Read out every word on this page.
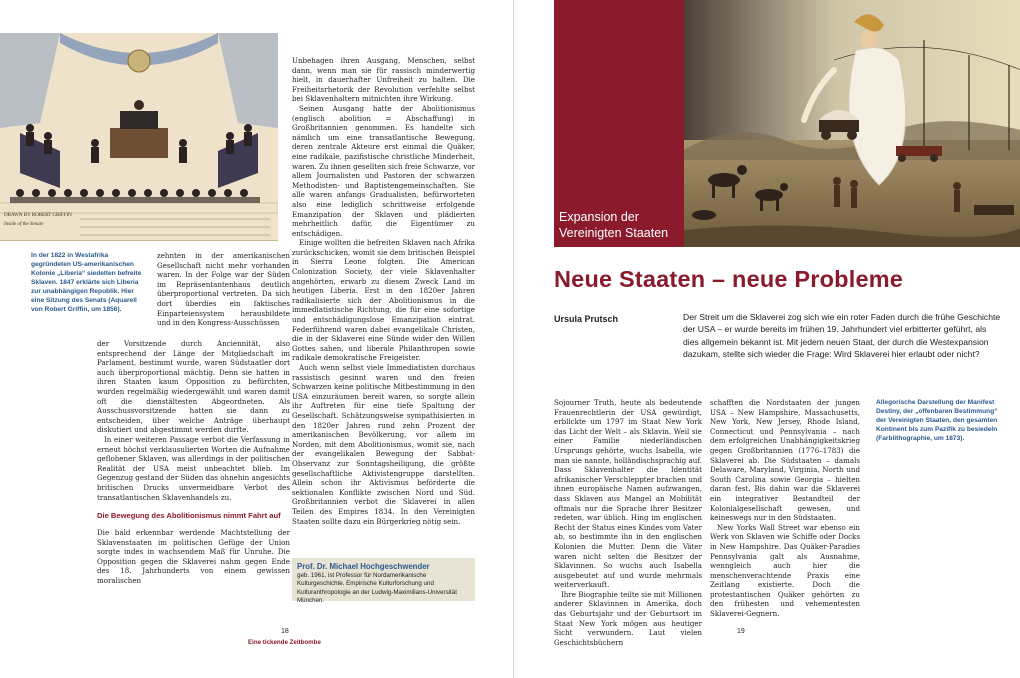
DRAWN BY ROBERT GRIFFIN
Inside of the Senate
In der 1822 in Westafrika gegründeten US-amerikanischen Kolonie „Liberia“ siedelten befreite Sklaven. 1847 erklärte sich Liberia zur unabhängigen Republik. Hier eine Sitzung des Senats (Aquarell von Robert Griffin, um 1856).

zehnten in der amerikanischen Gesellschaft nicht mehr vorhanden waren. In der Folge war der Süden im Repräsentantenhaus deutlich überproportional vertreten. Da sich dort überdies ein faktisches Einparteiensystem herausbildete und in den Kongress-Ausschüssen

der Vorsitzende durch Anciennität, also entsprechend der Länge der Mitgliedschaft im Parlament, bestimmt wurde, waren Südstaatler dort auch überproportional mächtig. Denn sie hatten in ihren Staaten kaum Opposition zu befürchten, wurden regelmäßig wiedergewählt und waren damit oft die dienstältesten Abgeordneten. Als Ausschussvorsitzende hatten sie dann zu entscheiden, über welche Anträge überhaupt diskutiert und abgestimmt werden durfte.

In einer weiteren Passage verbot die Verfassung in erneut höchst verklausulierten Worten die Aufnahme geflohener Sklaven, was allerdings in der politischen Realität der USA meist unbeachtet blieb. Im Gegenzug gestand der Süden das ohnehin angesichts britischen Drucks unvermeidbare Verbot des transatlantischen Sklavenhandels zu.

Die Bewegung des Abolitionismus nimmt Fahrt auf

Die bald erkennbar werdende Machtstellung der Sklavenstaaten im politischen Gefüge der Union sorgte indes in wachsendem Maß für Unruhe. Die Opposition gegen die Sklaverei nahm gegen Ende des 18. Jahrhunderts von einem gewissen moralischen

Unbehagen ihren Ausgang, Menschen, selbst dann, wenn man sie für rassisch minderwertig hielt, in dauerhafter Unfreiheit zu halten. Die Freiheitsrhetorik der Revolution verfehlte selbst bei Sklavenhaltern mitnichten ihre Wirkung.

Seinen Ausgang hatte der Abolitionismus (englisch abolition = Abschaffung) in Großbritannien genommen. Es handelte sich nämlich um eine transatlantische Bewegung, deren zentrale Akteure erst einmal die Quäker, eine radikale, pazifistische christliche Minderheit, waren. Zu ihnen gesellten sich freie Schwarze, vor allem Journalisten und Pastoren der schwarzen Methodisten- und Baptistengemeinschaften. Sie alle waren anfangs Gradualisten, befürworteten also eine lediglich schrittweise erfolgende Emanzipation der Sklaven und plädierten mehrheitlich dafür, die Eigentümer zu entschädigen.

Einige wollten die befreiten Sklaven nach Afrika zurückschicken, womit sie dem britischen Beispiel in Sierra Leone folgten. Die American Colonization Society, der viele Sklavenhalter angehörten, erwarb zu diesem Zweck Land im heutigen Liberia. Erst in den 1820er Jahren radikalisierte sich der Abolitionismus in die immediatistische Richtung, die für eine sofortige und entschädigungslose Emanzipation eintrat. Federführend waren dabei evangelikale Christen, die in der Sklaverei eine Sünde wider den Willen Gottes sahen, und liberale Philanthropen sowie radikale demokratische Freigeister.

Auch wenn selbst viele Immediatisten durchaus rassistisch gesinnt waren und den freien Schwarzen keine politische Mitbestimmung in den USA einzuräumen bereit waren, so sorgte allein ihr Auftreten für eine tiefe Spaltung der Gesellschaft. Schätzungsweise sympathisierten in den 1820er Jahren rund zehn Prozent der amerikanischen Bevölkerung, vor allem im Norden, mit dem Abolitionismus, womit sie, nach der evangelikalen Bewegung der Sabbat-Observanz zur Sonntagsheiligung, die größte gesellschaftliche Aktivistengruppe darstellten. Allein schon ihr Aktivismus beförderte die sektionalen Konflikte zwischen Nord und Süd. Großbritannien verbot die Sklaverei in allen Teilen des Empires 1834. In den Vereinigten Staaten sollte dazu ein Bürgerkrieg nötig sein.

Prof. Dr. Michael Hochgeschwender
geb. 1961, ist Professor für Nordamerikanische Kulturgeschichte, Empirische Kulturforschung und Kulturanthropologie an der Ludwig-Maximilians-Universität München.
18
Eine tickende Zeitbombe
Expansion der
Vereinigten Staaten
Neue Staaten – neue Probleme
Ursula Prutsch	Der Streit um die Sklaverei zog sich wie ein roter Faden durch die frühe Geschichte der USA – er wurde bereits im frühen 19. Jahrhundert viel erbitterter geführt, als dies allgemein bekannt ist. Mit jedem neuen Staat, der durch die Westexpansion dazukam, stellte sich wieder die Frage: Wird Sklaverei hier erlaubt oder nicht?

Sojourner Truth, heute als bedeutende Frauenrechtlerin der USA gewürdigt, erblickte um 1797 im Staat New York das Licht der Welt – als Sklavin. Weil sie einer Familie niederländischen Ursprungs gehörte, wuchs Isabella, wie man sie nannte, holländischsprachig auf. Dass Sklavenhalter die Identität afrikanischer Verschleppter brachen und ihnen europäische Namen aufzwangen, dass Sklaven aus Mangel an Mobilität oftmals nur die Sprache ihrer Besitzer redeten, war üblich. Hing im englischen Recht der Status eines Kindes vom Vater ab, so bestimmte ihn in den englischen Kolonien die Mutter. Denn die Väter waren nicht selten die Besitzer der Sklavinnen. So wuchs auch Isabella ausgebeutet auf und wurde mehrmals weiterverkauft.

Ihre Biographie teilte sie mit Millionen anderer Sklavinnen in Amerika, doch das Geburtsjahr und der Geburtsort im Staat New York mögen aus heutiger Sicht verwundern. Laut vielen Geschichtsbüchern

schafften die Nordstaaten der jungen USA – New Hampshire, Massachusetts, New York, New Jersey, Rhode Island, Connecticut und Pennsylvania – nach dem erfolgreichen Unabhängigkeitskrieg gegen Großbritannien (1776–1783) die Sklaverei ab. Die Südstaaten – damals Delaware, Maryland, Virginia, North und South Carolina sowie Georgia – hielten daran fest. Bis dahin war die Sklaverei ein integrativer Bestandteil der Kolonialgesellschaft gewesen, und keineswegs nur in den Südstaaten.

New Yorks Wall Street war ebenso ein Werk von Sklaven wie Schiffe oder Docks in New Hampshire. Das Quäker-Paradies Pennsylvania galt als Ausnahme, wenngleich auch hier die menschenverachtende Praxis eine Zeitlang existierte. Doch die protestantischen Quäker gehörten zu den frühesten und vehementesten Sklaverei-Gegnern.

Allegorische Darstellung der Manifest Destiny, der „offenbaren Bestimmung“ der Vereinigten Staaten, den gesamten Kontinent bis zum Pazifik zu besiedeln (Farblithographie, um 1873).
19
